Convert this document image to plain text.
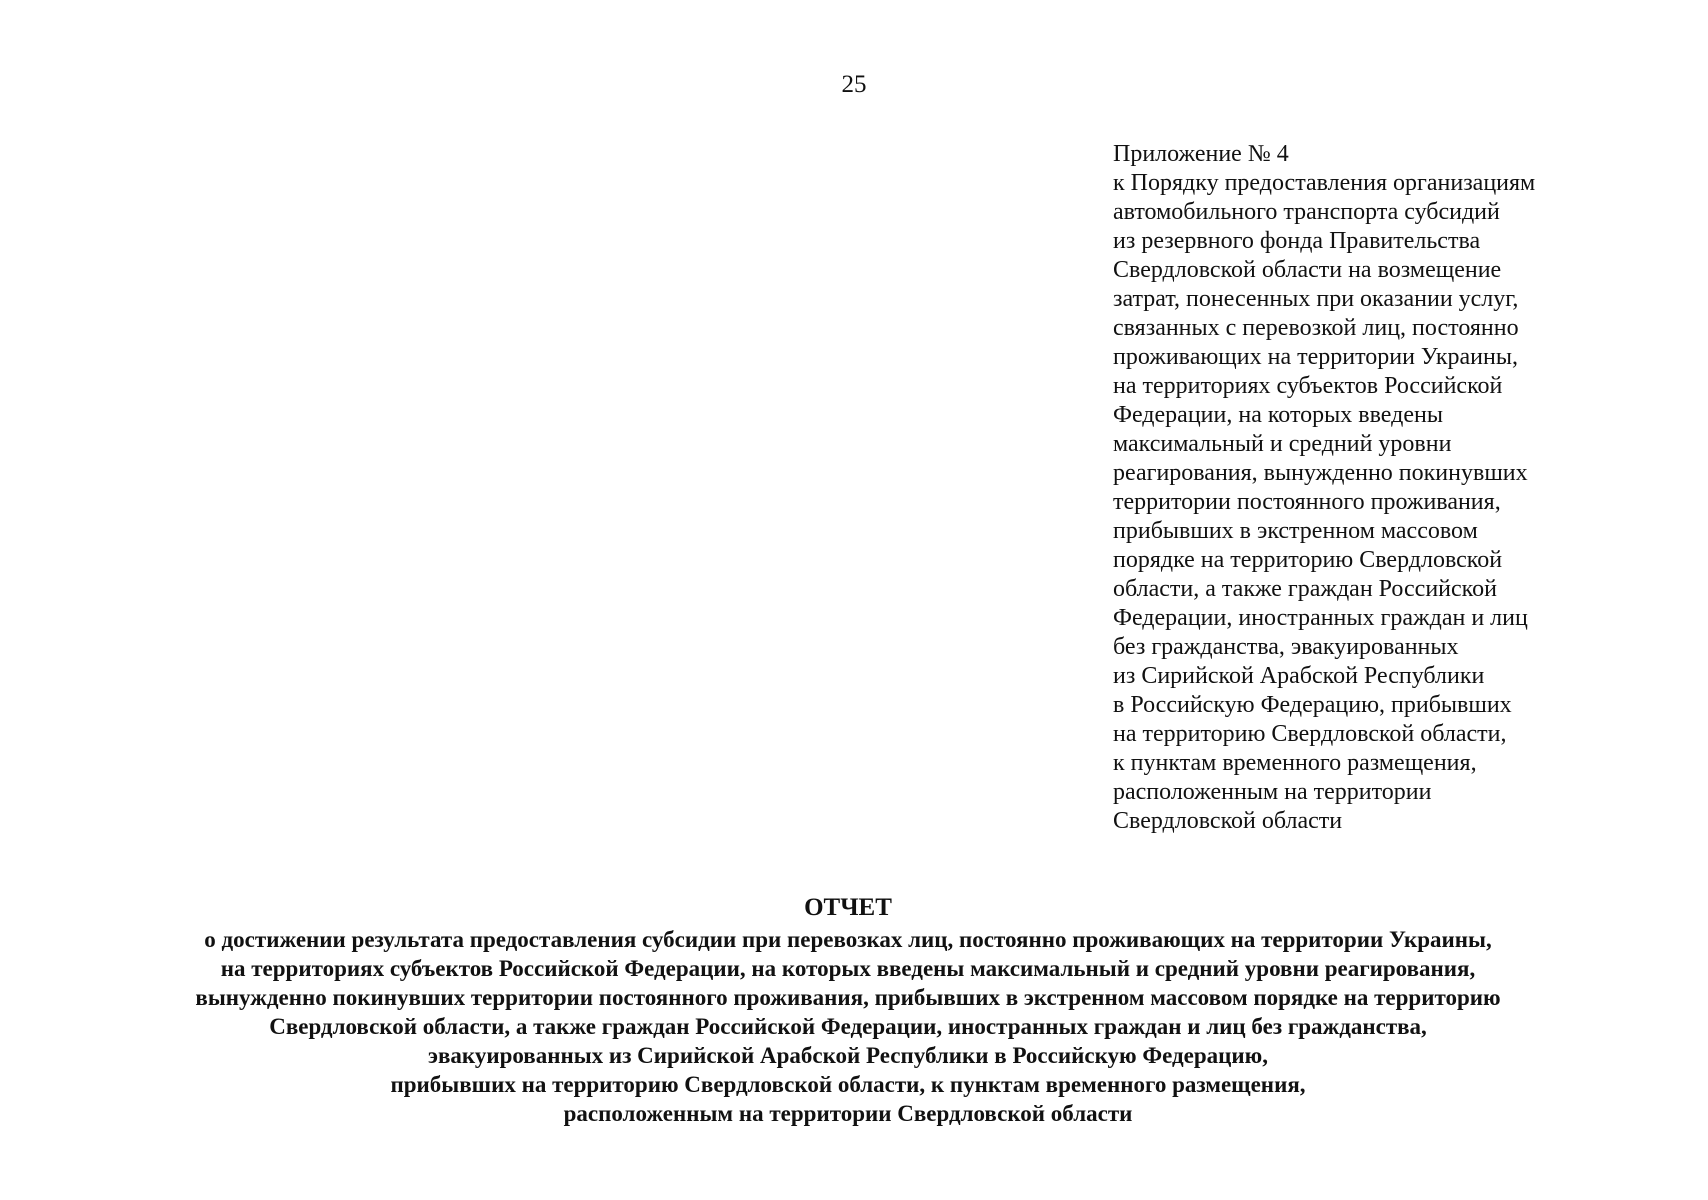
25
Приложение № 4
к Порядку предоставления организациям
автомобильного транспорта субсидий
из резервного фонда Правительства
Свердловской области на возмещение
затрат, понесенных при оказании услуг,
связанных с перевозкой лиц, постоянно
проживающих на территории Украины,
на территориях субъектов Российской
Федерации, на которых введены
максимальный и средний уровни
реагирования, вынужденно покинувших
территории постоянного проживания,
прибывших в экстренном массовом
порядке на территорию Свердловской
области, а также граждан Российской
Федерации, иностранных граждан и лиц
без гражданства, эвакуированных
из Сирийской Арабской Республики
в Российскую Федерацию, прибывших
на территорию Свердловской области,
к пунктам временного размещения,
расположенным на территории
Свердловской области
ОТЧЕТ
о достижении результата предоставления субсидии при перевозках лиц, постоянно проживающих на территории Украины,
на территориях субъектов Российской Федерации, на которых введены максимальный и средний уровни реагирования,
вынужденно покинувших территории постоянного проживания, прибывших в экстренном массовом порядке на территорию
Свердловской области, а также граждан Российской Федерации, иностранных граждан и лиц без гражданства,
эвакуированных из Сирийской Арабской Республики в Российскую Федерацию,
прибывших на территорию Свердловской области, к пунктам временного размещения,
расположенным на территории Свердловской области
